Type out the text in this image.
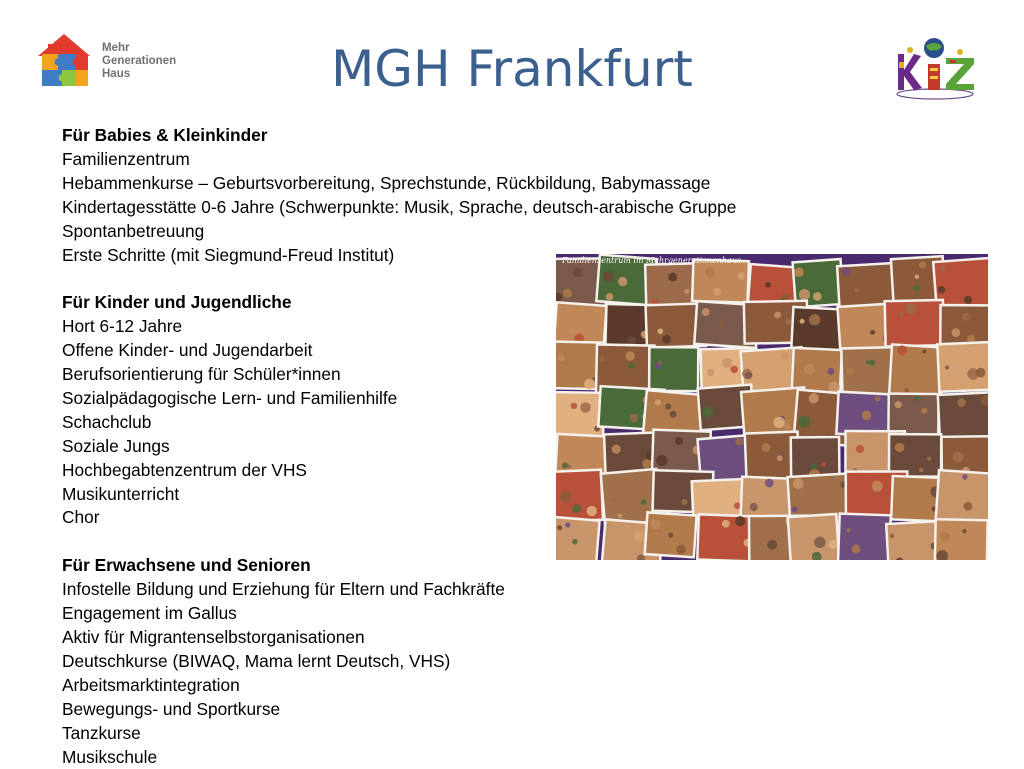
Mehr
Generationen
Haus	MGH Frankfurt
Für Babies & Kleinkinder
Familienzentrum
Hebammenkurse – Geburtsvorbereitung, Sprechstunde, Rückbildung, Babymassage
Kindertagesstätte 0-6 Jahre (Schwerpunkte: Musik, Sprache, deutsch-arabische Gruppe
Spontanbetreuung
Erste Schritte (mit Siegmund-Freud Institut)
Für Kinder und Jugendliche
Hort 6-12 Jahre
Offene Kinder- und Jugendarbeit
Berufsorientierung für Schüler*innen
Sozialpädagogische Lern- und Familienhilfe
Schachclub
Soziale Jungs
Hochbegabtenzentrum der VHS
Musikunterricht
Chor
Für Erwachsene und Senioren
Infostelle Bildung und Erziehung für Eltern und Fachkräfte
Engagement im Gallus
Aktiv für Migrantenselbstorganisationen
Deutschkurse (BIWAQ, Mama lernt Deutsch, VHS)
Arbeitsmarktintegration
Bewegungs- und Sportkurse
Tanzkurse
Musikschule
Familienzentrum im Mehrgenerationenhaus
